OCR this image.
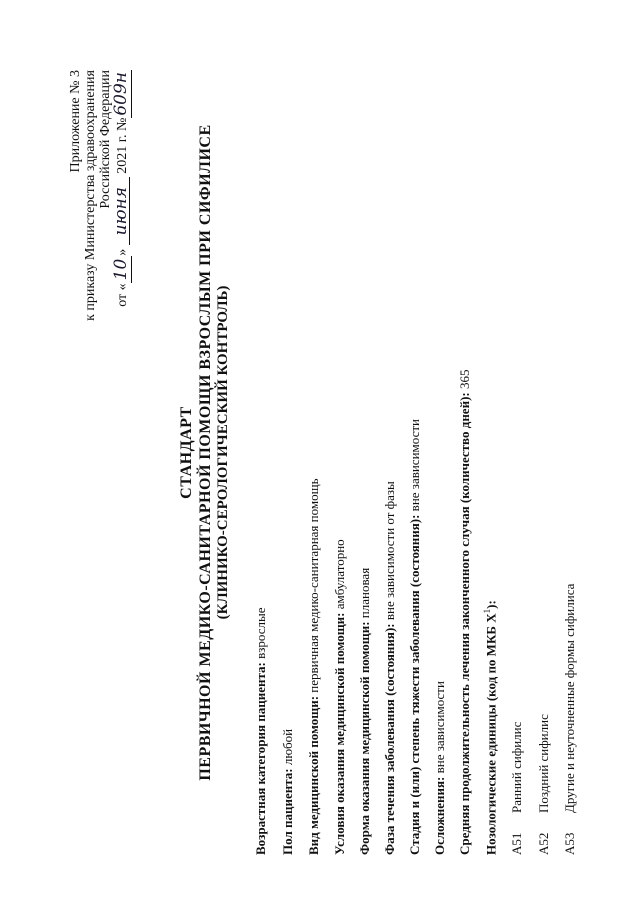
Приложение № 3 к приказу Министерства здравоохранения Российской Федерации
от «10» июня 2021 г. №609н
СТАНДАРТ ПЕРВИЧНОЙ МЕДИКО-САНИТАРНОЙ ПОМОЩИ ВЗРОСЛЫМ ПРИ СИФИЛИСЕ (КЛИНИКО-СЕРОЛОГИЧЕСКИЙ КОНТРОЛЬ)
Возрастная категория пациента: взрослые
Пол пациента: любой Вид медицинской помощи: первичная медико-санитарная помощь
Условия оказания медицинской помощи: амбулаторно
Форма оказания медицинской помощи: плановая
Фаза течения заболевания (состояния): вне зависимости от фазы Стадия и (или) степень тяжести заболевания (состояния): вне зависимости
Осложнения: вне зависимости Средняя продолжительность лечения законченного случая (количество дней): 365
Нозологические единицы (код по МКБ $X^1$):
A51Ранний сифилис
A52Поздний сифилис
A53Другие и неуточненные формы сифилиса
